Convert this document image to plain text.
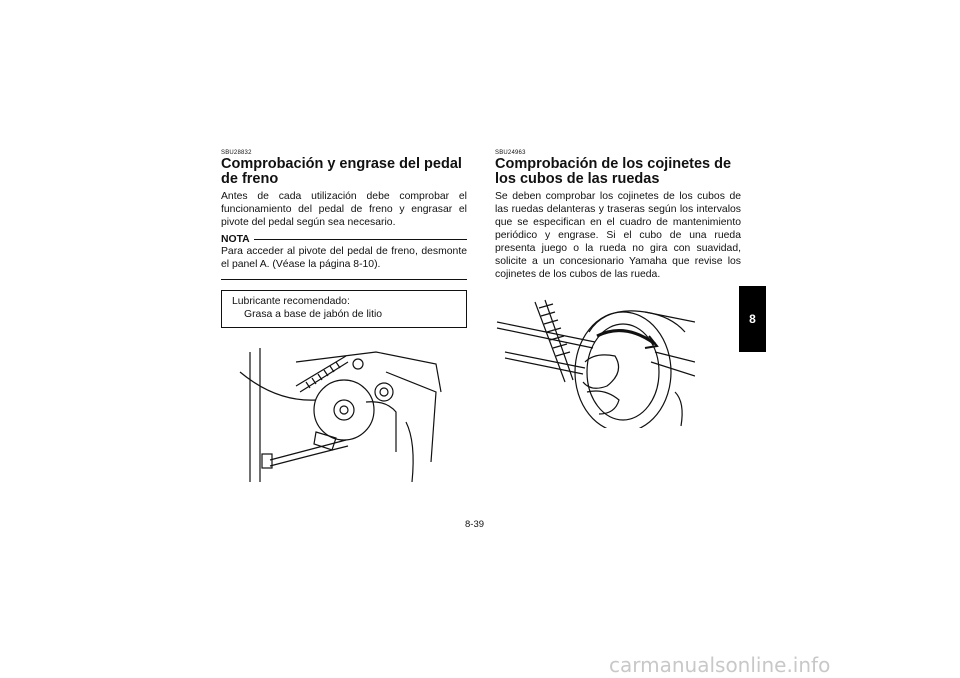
SBU28832
Comprobación y engrase del pedal de freno

Antes de cada utilización debe comprobar el funcionamiento del pedal de freno y engrasar el pivote del pedal según sea necesario.

NOTA

Para acceder al pivote del pedal de freno, desmonte el panel A. (Véase la página 8-10).

Lubricante recomendado:
Grasa a base de jabón de litio
SBU24963
Comprobación de los cojinetes de los cubos de las ruedas

Se deben comprobar los cojinetes de los cubos de las ruedas delanteras y traseras según los intervalos que se especifican en el cuadro de mantenimiento periódico y engrase. Si el cubo de una rueda presenta juego o la rueda no gira con suavidad, solicite a un concesionario Yamaha que revise los cojinetes de los cubos de las rueda.

8
8-39
carmanualsonline.info
